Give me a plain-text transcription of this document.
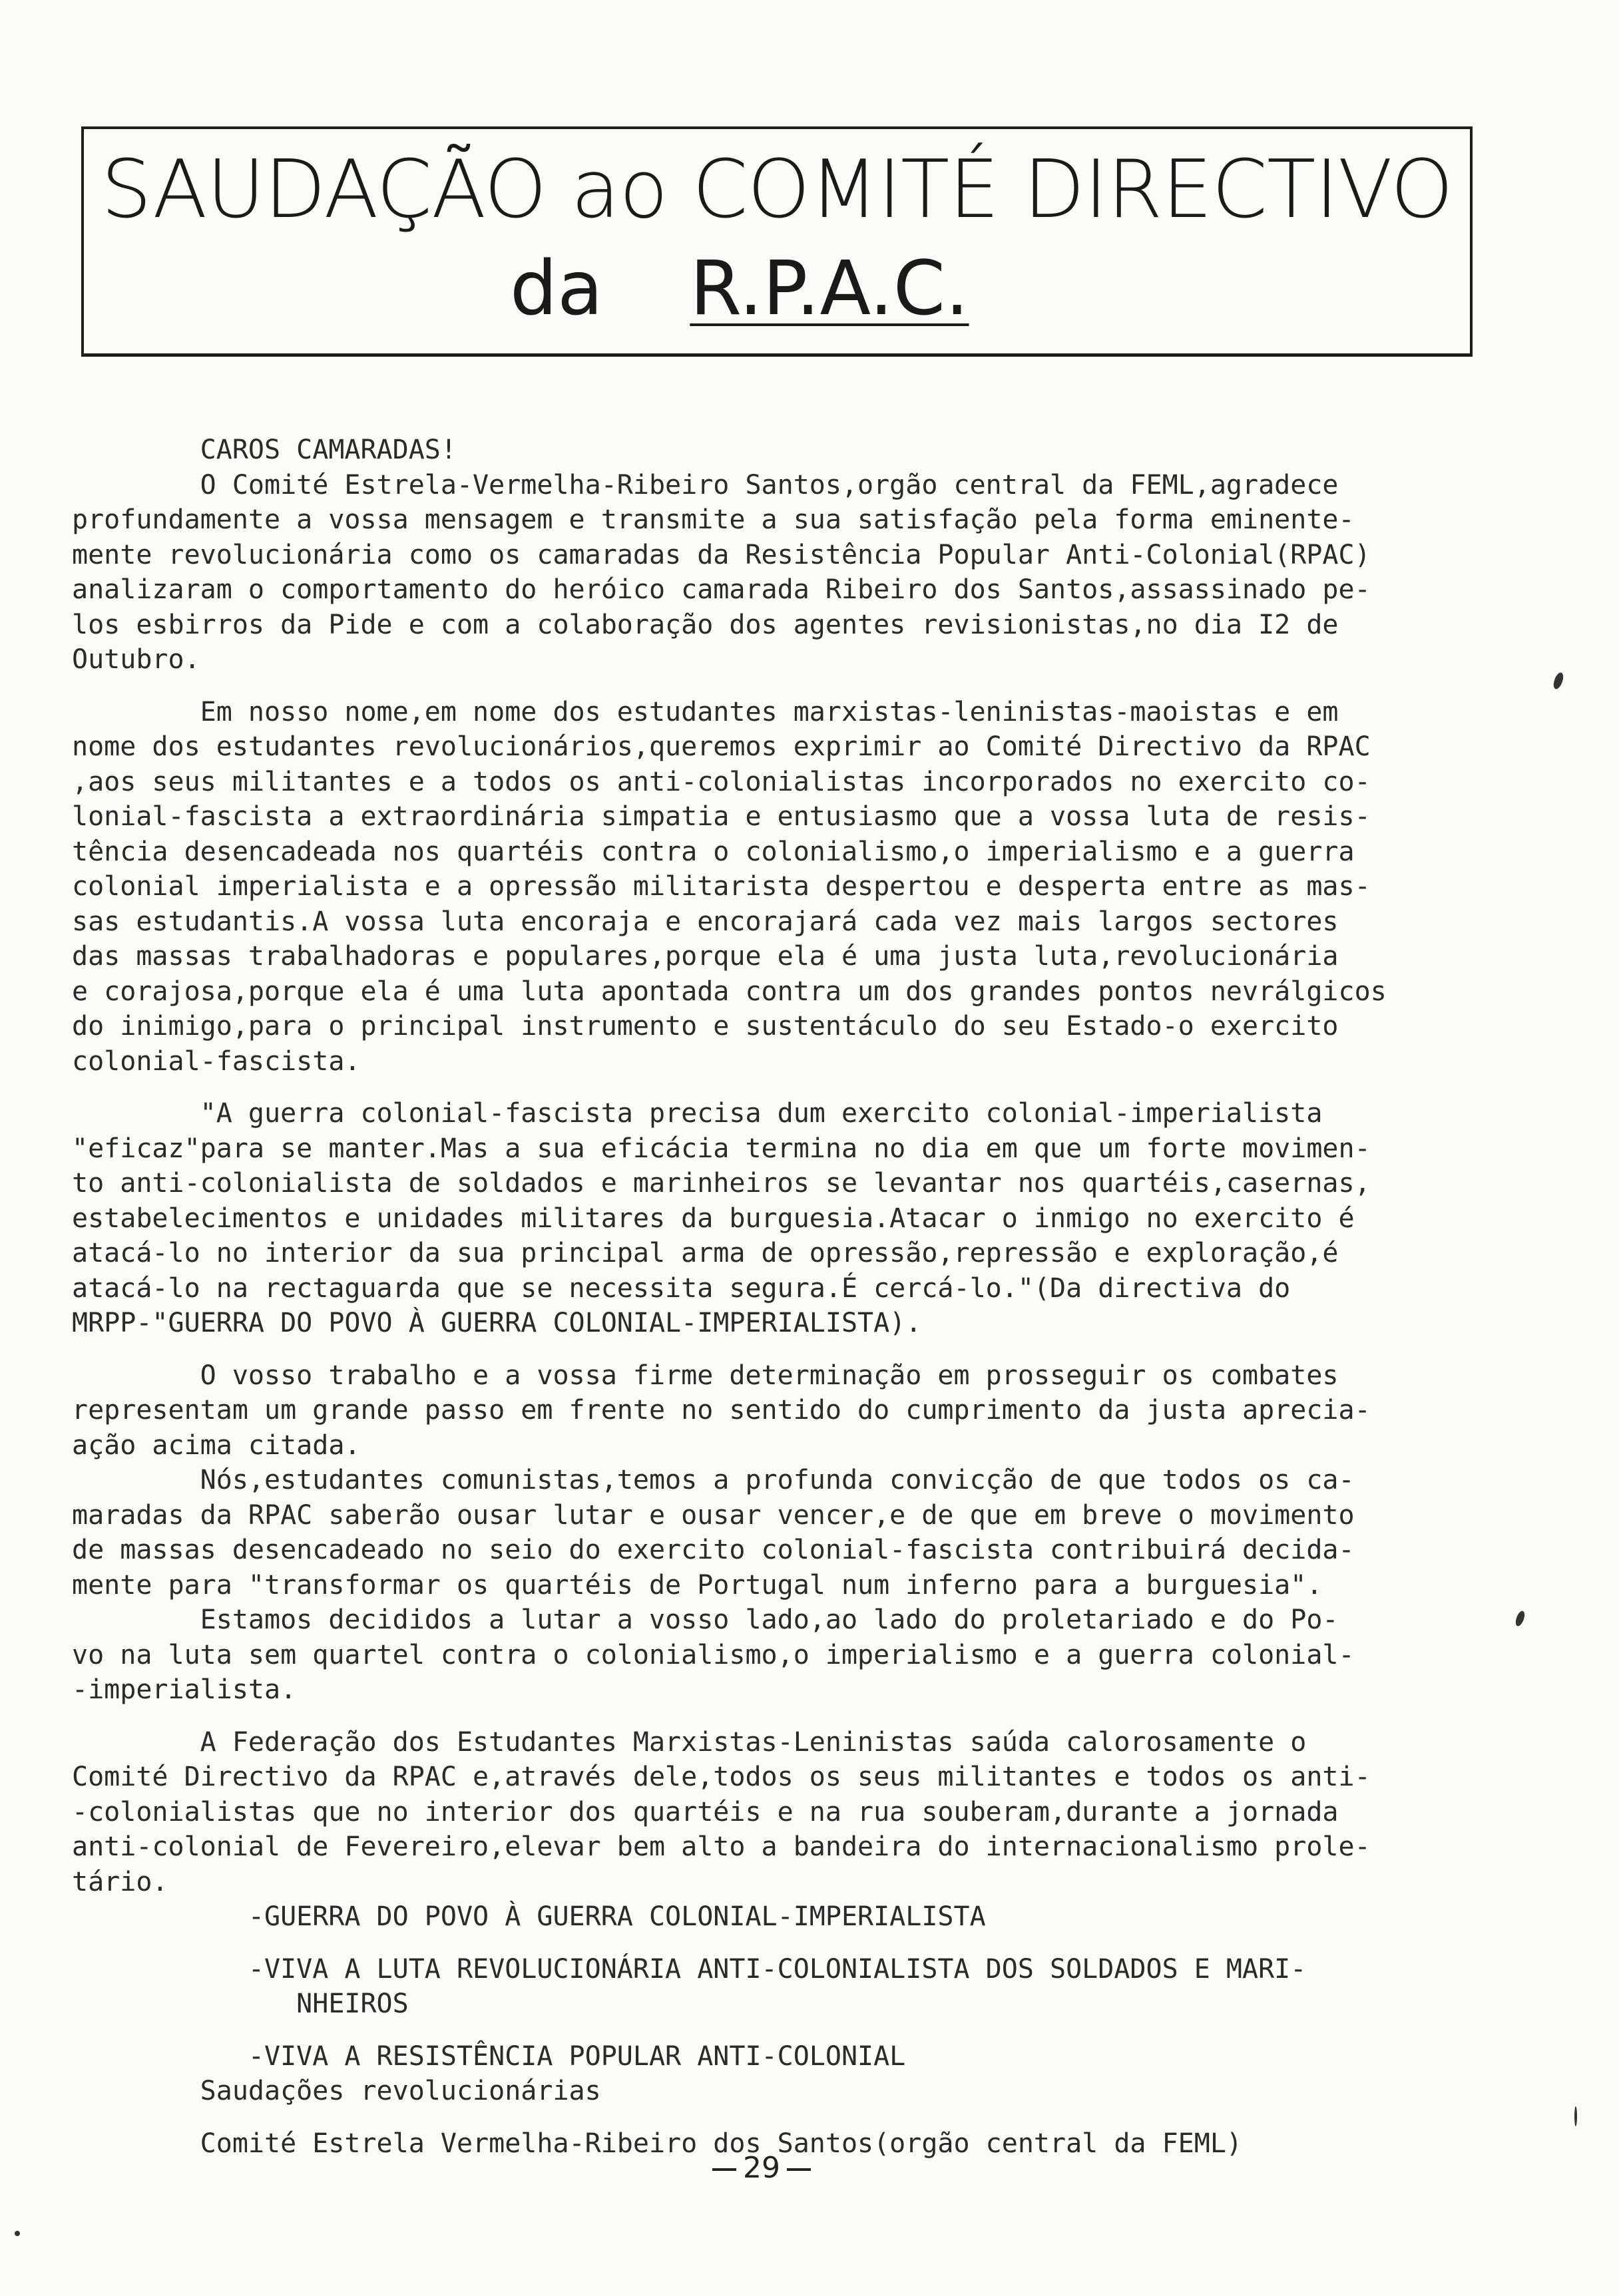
SAUDAÇÃO ao COMITÉ DIRECTIVO
da R.P.A.C.
CAROS CAMARADAS!
O Comité Estrela-Vermelha-Ribeiro Santos,orgão central da FEML,agradece
profundamente a vossa mensagem e transmite a sua satisfação pela forma eminente-
mente revolucionária como os camaradas da Resistência Popular Anti-Colonial(RPAC)
analizaram o comportamento do heróico camarada Ribeiro dos Santos,assassinado pe-
los esbirros da Pide e com a colaboração dos agentes revisionistas,no dia I2 de
Outubro.
Em nosso nome,em nome dos estudantes marxistas-leninistas-maoistas e em
nome dos estudantes revolucionários,queremos exprimir ao Comité Directivo da RPAC
,aos seus militantes e a todos os anti-colonialistas incorporados no exercito co-
lonial-fascista a extraordinária simpatia e entusiasmo que a vossa luta de resis-
tência desencadeada nos quartéis contra o colonialismo,o imperialismo e a guerra
colonial imperialista e a opressão militarista despertou e desperta entre as mas-
sas estudantis.A vossa luta encoraja e encorajará cada vez mais largos sectores
das massas trabalhadoras e populares,porque ela é uma justa luta,revolucionária
e corajosa,porque ela é uma luta apontada contra um dos grandes pontos nevrálgicos
do inimigo,para o principal instrumento e sustentáculo do seu Estado-o exercito
colonial-fascista.
"A guerra colonial-fascista precisa dum exercito colonial-imperialista
"eficaz"para se manter.Mas a sua eficácia termina no dia em que um forte movimen-
to anti-colonialista de soldados e marinheiros se levantar nos quartéis,casernas,
estabelecimentos e unidades militares da burguesia.Atacar o inmigo no exercito é
atacá-lo no interior da sua principal arma de opressão,repressão e exploração,é
atacá-lo na rectaguarda que se necessita segura.É cercá-lo."(Da directiva do
MRPP-"GUERRA DO POVO À GUERRA COLONIAL-IMPERIALISTA).
O vosso trabalho e a vossa firme determinação em prosseguir os combates
representam um grande passo em frente no sentido do cumprimento da justa aprecia-
ação acima citada.
Nós,estudantes comunistas,temos a profunda convicção de que todos os ca-
maradas da RPAC saberão ousar lutar e ousar vencer,e de que em breve o movimento
de massas desencadeado no seio do exercito colonial-fascista contribuirá decida-
mente para "transformar os quartéis de Portugal num inferno para a burguesia".
Estamos decididos a lutar a vosso lado,ao lado do proletariado e do Po-
vo na luta sem quartel contra o colonialismo,o imperialismo e a guerra colonial-
-imperialista.
A Federação dos Estudantes Marxistas-Leninistas saúda calorosamente o
Comité Directivo da RPAC e,através dele,todos os seus militantes e todos os anti-
-colonialistas que no interior dos quartéis e na rua souberam,durante a jornada
anti-colonial de Fevereiro,elevar bem alto a bandeira do internacionalismo prole-
tário.
-GUERRA DO POVO À GUERRA COLONIAL-IMPERIALISTA
-VIVA A LUTA REVOLUCIONÁRIA ANTI-COLONIALISTA DOS SOLDADOS E MARI-
NHEIROS
-VIVA A RESISTÊNCIA POPULAR ANTI-COLONIAL
Saudações revolucionárias
Comité Estrela Vermelha-Ribeiro dos Santos(orgão central da FEML)
29
